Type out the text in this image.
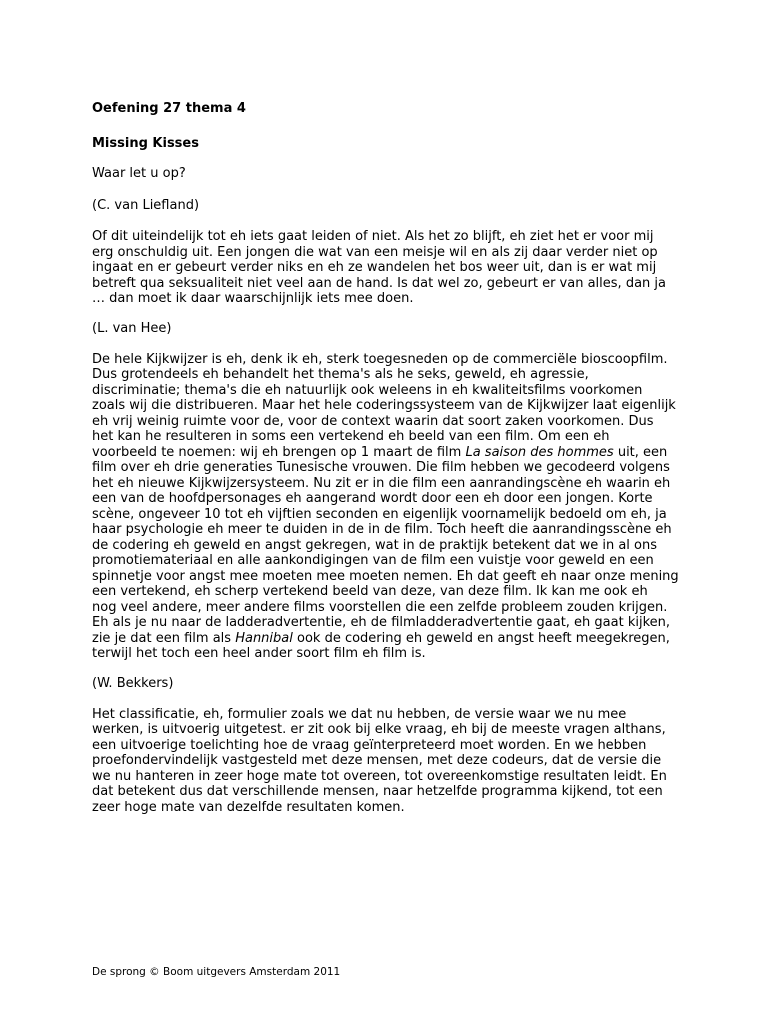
Oefening 27 thema 4
Missing Kisses
Waar let u op?
(C. van Liefland)
Of dit uiteindelijk tot eh iets gaat leiden of niet. Als het zo blijft, eh ziet het er voor mij
erg onschuldig uit. Een jongen die wat van een meisje wil en als zij daar verder niet op
ingaat en er gebeurt verder niks en eh ze wandelen het bos weer uit, dan is er wat mij
betreft qua seksualiteit niet veel aan de hand. Is dat wel zo, gebeurt er van alles, dan ja
… dan moet ik daar waarschijnlijk iets mee doen.
(L. van Hee)
De hele Kijkwijzer is eh, denk ik eh, sterk toegesneden op de commerciële bioscoopfilm.
Dus grotendeels eh behandelt het thema's als he seks, geweld, eh agressie,
discriminatie; thema's die eh natuurlijk ook weleens in eh kwaliteitsfilms voorkomen
zoals wij die distribueren. Maar het hele coderingssysteem van de Kijkwijzer laat eigenlijk
eh vrij weinig ruimte voor de, voor de context waarin dat soort zaken voorkomen. Dus
het kan he resulteren in soms een vertekend eh beeld van een film. Om een eh
voorbeeld te noemen: wij eh brengen op 1 maart de film La saison des hommes uit, een
film over eh drie generaties Tunesische vrouwen. Die film hebben we gecodeerd volgens
het eh nieuwe Kijkwijzersysteem. Nu zit er in die film een aanrandingscène eh waarin eh
een van de hoofdpersonages eh aangerand wordt door een eh door een jongen. Korte
scène, ongeveer 10 tot eh vijftien seconden en eigenlijk voornamelijk bedoeld om eh, ja
haar psychologie eh meer te duiden in de in de film. Toch heeft die aanrandingsscène eh
de codering eh geweld en angst gekregen, wat in de praktijk betekent dat we in al ons
promotiemateriaal en alle aankondigingen van de film een vuistje voor geweld en een
spinnetje voor angst mee moeten mee moeten nemen. Eh dat geeft eh naar onze mening
een vertekend, eh scherp vertekend beeld van deze, van deze film. Ik kan me ook eh
nog veel andere, meer andere films voorstellen die een zelfde probleem zouden krijgen.
Eh als je nu naar de ladderadvertentie, eh de filmladderadvertentie gaat, eh gaat kijken,
zie je dat een film als Hannibal ook de codering eh geweld en angst heeft meegekregen,
terwijl het toch een heel ander soort film eh film is.
(W. Bekkers)
Het classificatie, eh, formulier zoals we dat nu hebben, de versie waar we nu mee
werken, is uitvoerig uitgetest. er zit ook bij elke vraag, eh bij de meeste vragen althans,
een uitvoerige toelichting hoe de vraag geïnterpreteerd moet worden. En we hebben
proefondervindelijk vastgesteld met deze mensen, met deze codeurs, dat de versie die
we nu hanteren in zeer hoge mate tot overeen, tot overeenkomstige resultaten leidt. En
dat betekent dus dat verschillende mensen, naar hetzelfde programma kijkend, tot een
zeer hoge mate van dezelfde resultaten komen.
De sprong © Boom uitgevers Amsterdam 2011
